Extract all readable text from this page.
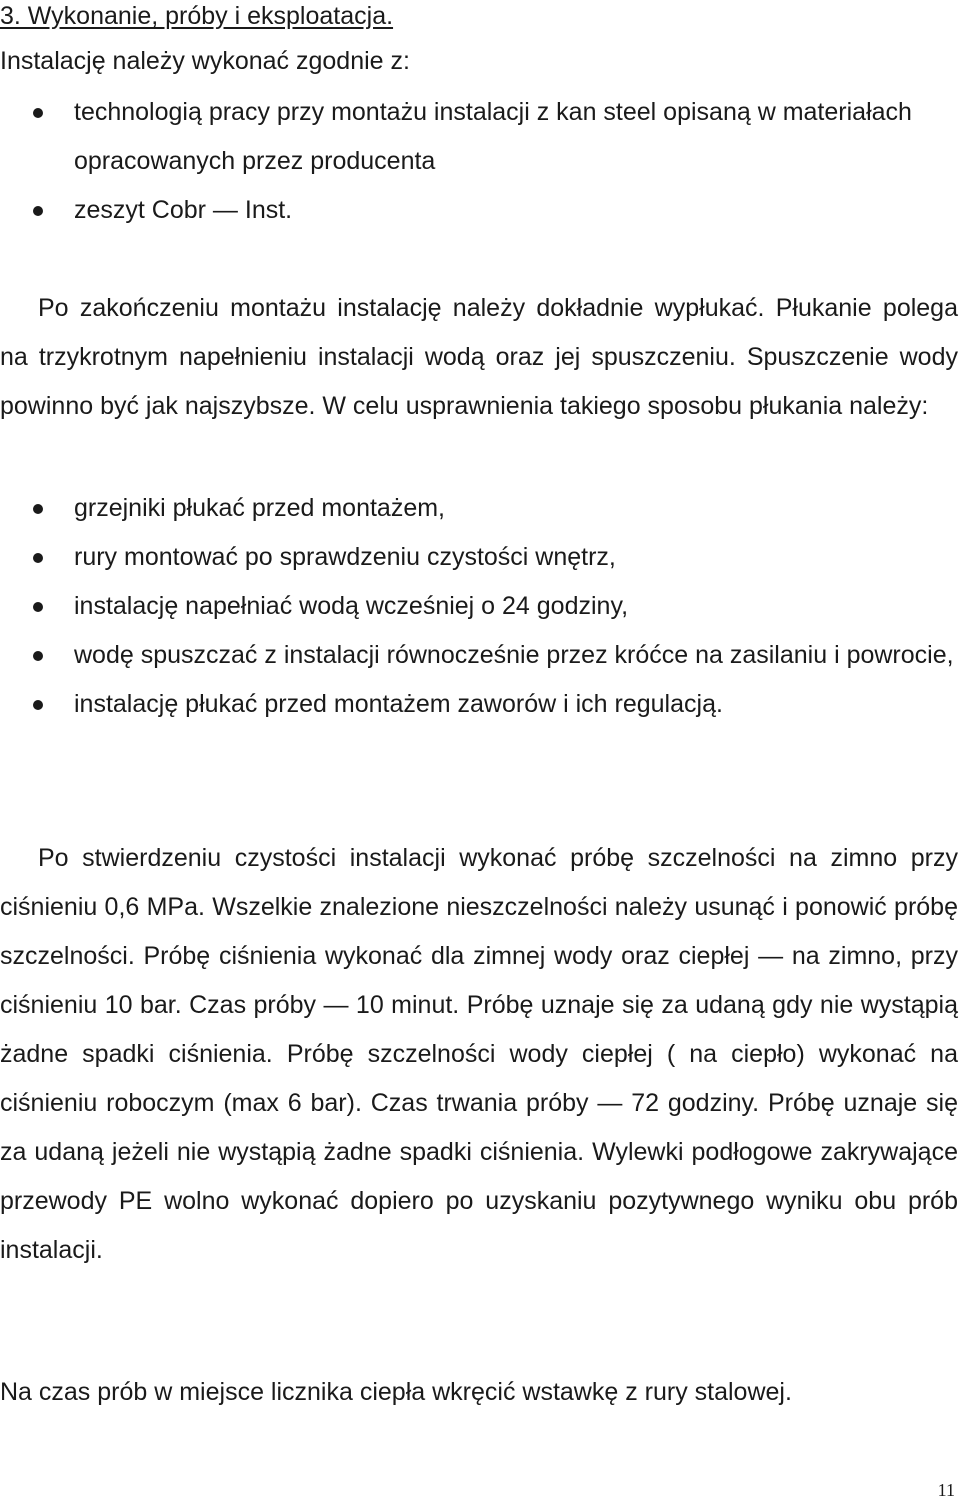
3. Wykonanie, próby i eksploatacja.
Instalację należy wykonać zgodnie z:
technologią pracy przy montażu instalacji z kan steel opisaną w materiałach opracowanych przez producenta
zeszyt Cobr — Inst.
Po zakończeniu montażu instalację należy dokładnie wypłukać. Płukanie polega na trzykrotnym napełnieniu instalacji wodą oraz jej spuszczeniu. Spuszczenie wody powinno być jak najszybsze. W celu usprawnienia takiego sposobu płukania należy:
grzejniki płukać przed montażem,
rury montować po sprawdzeniu czystości wnętrz,
instalację napełniać wodą wcześniej o 24 godziny,
wodę spuszczać z instalacji równocześnie przez króćce na zasilaniu i powrocie,
instalację płukać przed montażem zaworów i ich regulacją.
Po stwierdzeniu czystości instalacji wykonać próbę szczelności na zimno przy ciśnieniu 0,6 MPa. Wszelkie znalezione nieszczelności należy usunąć i ponowić próbę szczelności. Próbę ciśnienia wykonać dla zimnej wody oraz ciepłej — na zimno, przy ciśnieniu 10 bar. Czas próby — 10 minut. Próbę uznaje się za udaną gdy nie wystąpią żadne spadki ciśnienia. Próbę szczelności wody ciepłej ( na ciepło) wykonać na ciśnieniu roboczym (max 6 bar). Czas trwania próby — 72 godziny. Próbę uznaje się za udaną jeżeli nie wystąpią żadne spadki ciśnienia. Wylewki podłogowe zakrywające przewody PE wolno wykonać dopiero po uzyskaniu pozytywnego wyniku obu prób instalacji.
Na czas prób w miejsce licznika ciepła wkręcić wstawkę z rury stalowej.
11
